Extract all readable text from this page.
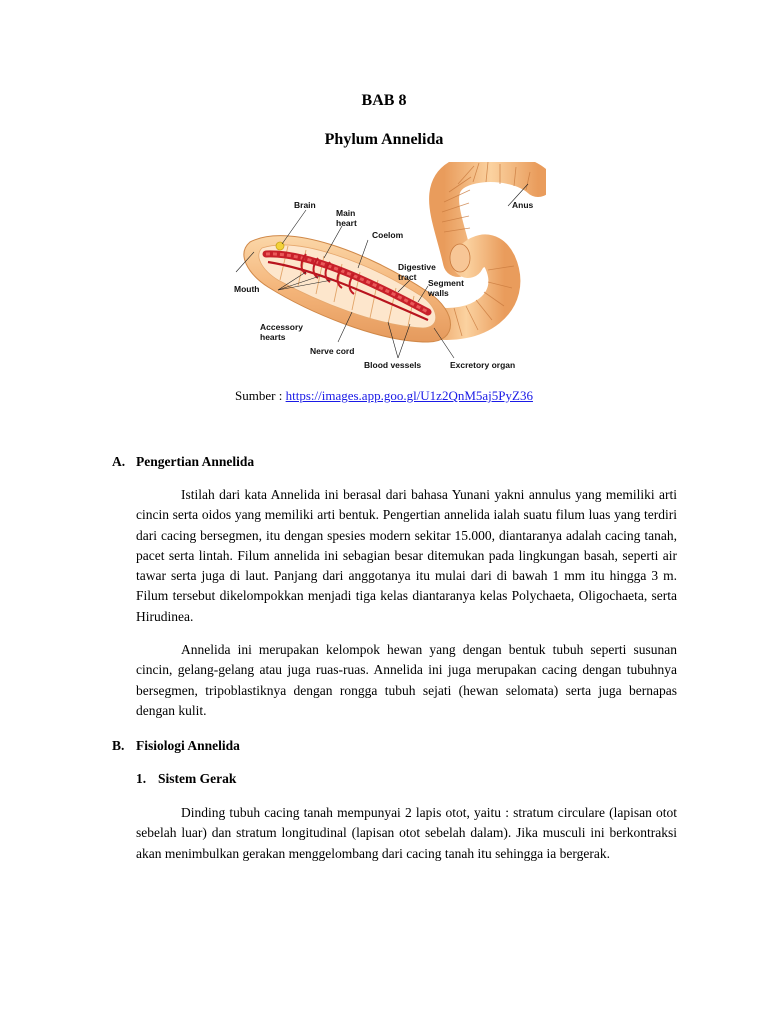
BAB 8
Phylum Annelida
Brain
Main
heart
Coelom
Mouth
Digestive
tract
Segment
walls
Anus
Accessory
hearts
Nerve cord
Blood vessels	Excretory organ
Sumber : https://images.app.goo.gl/U1z2QnM5aj5PyZ36
A. Pengertian Annelida

Istilah dari kata Annelida ini berasal dari bahasa Yunani yakni annulus yang memiliki arti cincin serta oidos yang memiliki arti bentuk. Pengertian annelida ialah suatu filum luas yang terdiri dari cacing bersegmen, itu dengan spesies modern sekitar 15.000, diantaranya adalah cacing tanah, pacet serta lintah. Filum annelida ini sebagian besar ditemukan pada lingkungan basah, seperti air tawar serta juga di laut. Panjang dari anggotanya itu mulai dari di bawah 1 mm itu hingga 3 m. Filum tersebut dikelompokkan menjadi tiga kelas diantaranya kelas Polychaeta, Oligochaeta, serta Hirudinea.

Annelida ini merupakan kelompok hewan yang dengan bentuk tubuh seperti susunan cincin, gelang-gelang atau juga ruas-ruas. Annelida ini juga merupakan cacing dengan tubuhnya bersegmen, tripoblastiknya dengan rongga tubuh sejati (hewan selomata) serta juga bernapas dengan kulit.

B. Fisiologi Annelida
1. Sistem Gerak

Dinding tubuh cacing tanah mempunyai 2 lapis otot, yaitu : stratum circulare (lapisan otot sebelah luar) dan stratum longitudinal (lapisan otot sebelah dalam). Jika musculi ini berkontraksi akan menimbulkan gerakan menggelombang dari cacing tanah itu sehingga ia bergerak.
